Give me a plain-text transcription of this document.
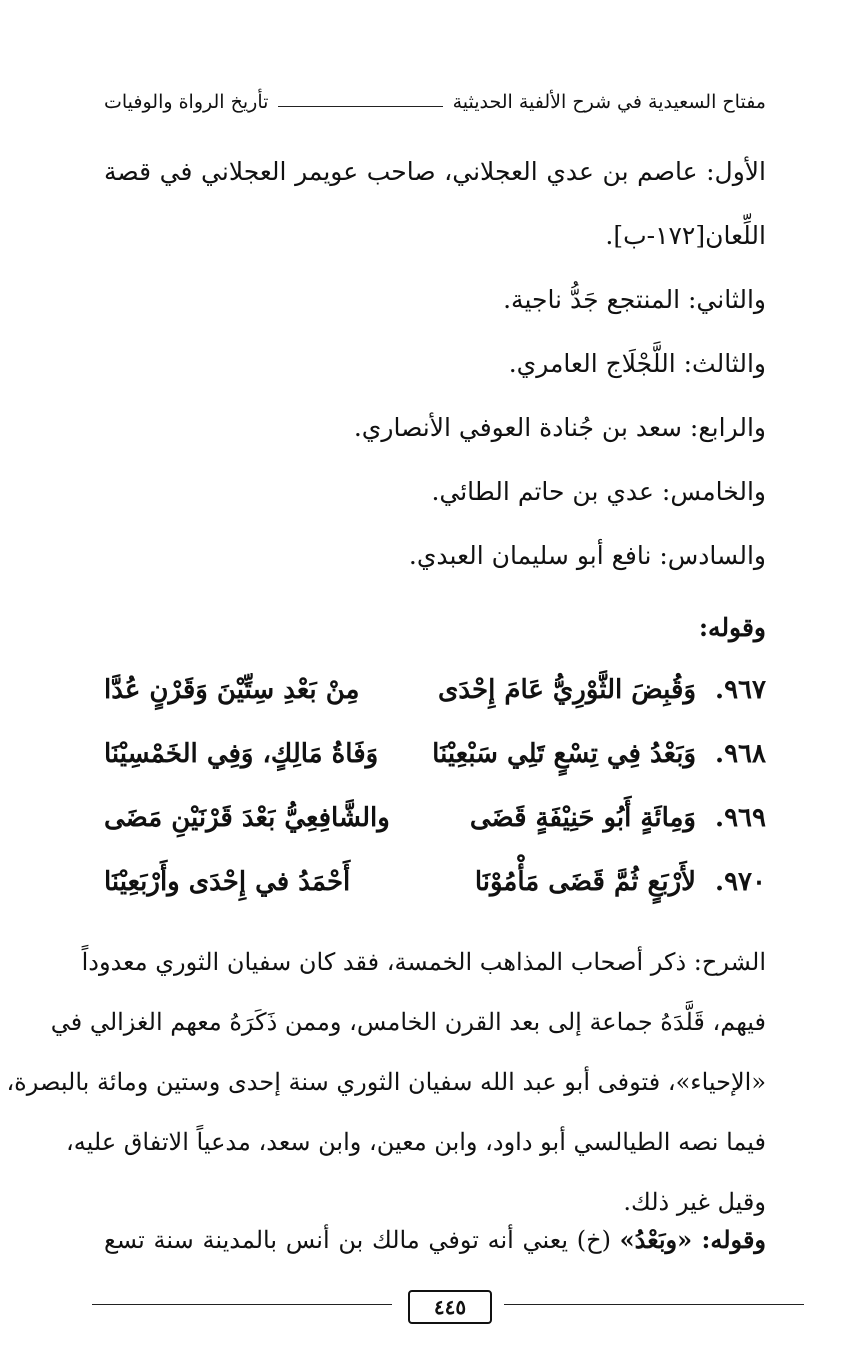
مفتاح السعيدية في شرح الألفية الحديثية
تأريخ الرواة والوفيات
الأول: عاصم بن عدي العجلاني، صاحب عويمر العجلاني في قصة
اللِّعان[١٧٢-ب].
والثاني: المنتجع جَدُّ ناجية.
والثالث: اللَّجْلَاج العامري.
والرابع: سعد بن جُنادة العوفي الأنصاري.
والخامس: عدي بن حاتم الطائي.
والسادس: نافع أبو سليمان العبدي.
وقوله:
٩٦٧.
وَقُبِضَ الثَّوْرِيُّ عَامَ إِحْدَى
مِنْ بَعْدِ سِتِّيْنَ وَقَرْنٍ عُدَّا
٩٦٨.
وَبَعْدُ فِي تِسْعٍ تَلِي سَبْعِيْنَا
وَفَاةُ مَالِكٍ، وَفِي الخَمْسِيْنَا
٩٦٩.
وَمِائَةٍ أَبُو حَنِيْفَةٍ قَضَى
والشَّافِعِيُّ بَعْدَ قَرْنَيْنِ مَضَى
٩٧٠.
لأَرْبَعٍ ثُمَّ قَضَى مَأْمُوْنَا
أَحْمَدُ في إِحْدَى وأَرْبَعِيْنَا
الشرح: ذكر أصحاب المذاهب الخمسة، فقد كان سفيان الثوري معدوداً
فيهم، قَلَّدَهُ جماعة إلى بعد القرن الخامس، وممن ذَكَرَهُ معهم الغزالي في
«الإحياء»، فتوفى أبو عبد الله سفيان الثوري سنة إحدى وستين ومائة بالبصرة،
فيما نصه الطيالسي أبو داود، وابن معين، وابن سعد، مدعياً الاتفاق عليه،
وقيل غير ذلك.
وقوله: «وبَعْدُ» (خ) يعني أنه توفي مالك بن أنس بالمدينة سنة تسع
٤٤٥
